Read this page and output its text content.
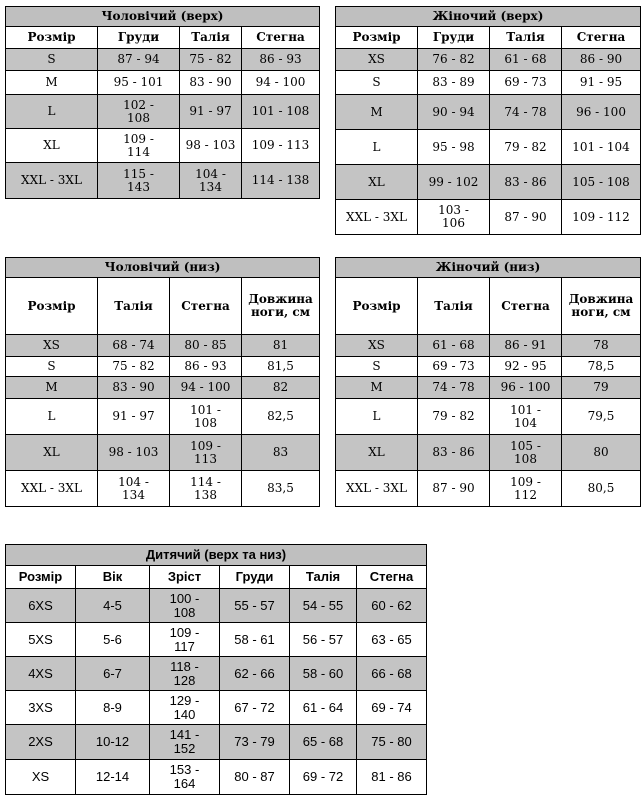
Чоловічий (верх)			
Розмір	Груди	Талія	Стегна
S	87 - 94	75 - 82	86 - 93
M	95 - 101	83 - 90	94 - 100
L	102 - 108	91 - 97	101 - 108
XL	109 - 114	98 - 103	109 - 113
XXL - 3XL	115 - 143	104 - 134	114 - 138
Жіночий (верх)			
Розмір	Груди	Талія	Стегна
XS	76 - 82	61 - 68	86 - 90
S	83 - 89	69 - 73	91 - 95
M	90 - 94	74 - 78	96 - 100
L	95 - 98	79 - 82	101 - 104
XL	99 - 102	83 - 86	105 - 108
XXL - 3XL	103 - 106	87 - 90	109 - 112
Чоловічий (низ)			
Розмір	Талія	Стегна	Довжина ноги, см
XS	68 - 74	80 - 85	81
S	75 - 82	86 - 93	81,5
M	83 - 90	94 - 100	82
L	91 - 97	101 - 108	82,5
XL	98 - 103	109 - 113	83
XXL - 3XL	104 - 134	114 - 138	83,5
Жіночий (низ)			
Розмір	Талія	Стегна	Довжина ноги, см
XS	61 - 68	86 - 91	78
S	69 - 73	92 - 95	78,5
M	74 - 78	96 - 100	79
L	79 - 82	101 - 104	79,5
XL	83 - 86	105 - 108	80
XXL - 3XL	87 - 90	109 - 112	80,5
Дитячий (верх та низ)					
Розмір	Вік	Зріст	Груди	Талія	Стегна
6XS	4-5	100 - 108	55 - 57	54 - 55	60 - 62
5XS	5-6	109 - 117	58 - 61	56 - 57	63 - 65
4XS	6-7	118 - 128	62 - 66	58 - 60	66 - 68
3XS	8-9	129 - 140	67 - 72	61 - 64	69 - 74
2XS	10-12	141 - 152	73 - 79	65 - 68	75 - 80
XS	12-14	153 - 164	80 - 87	69 - 72	81 - 86
